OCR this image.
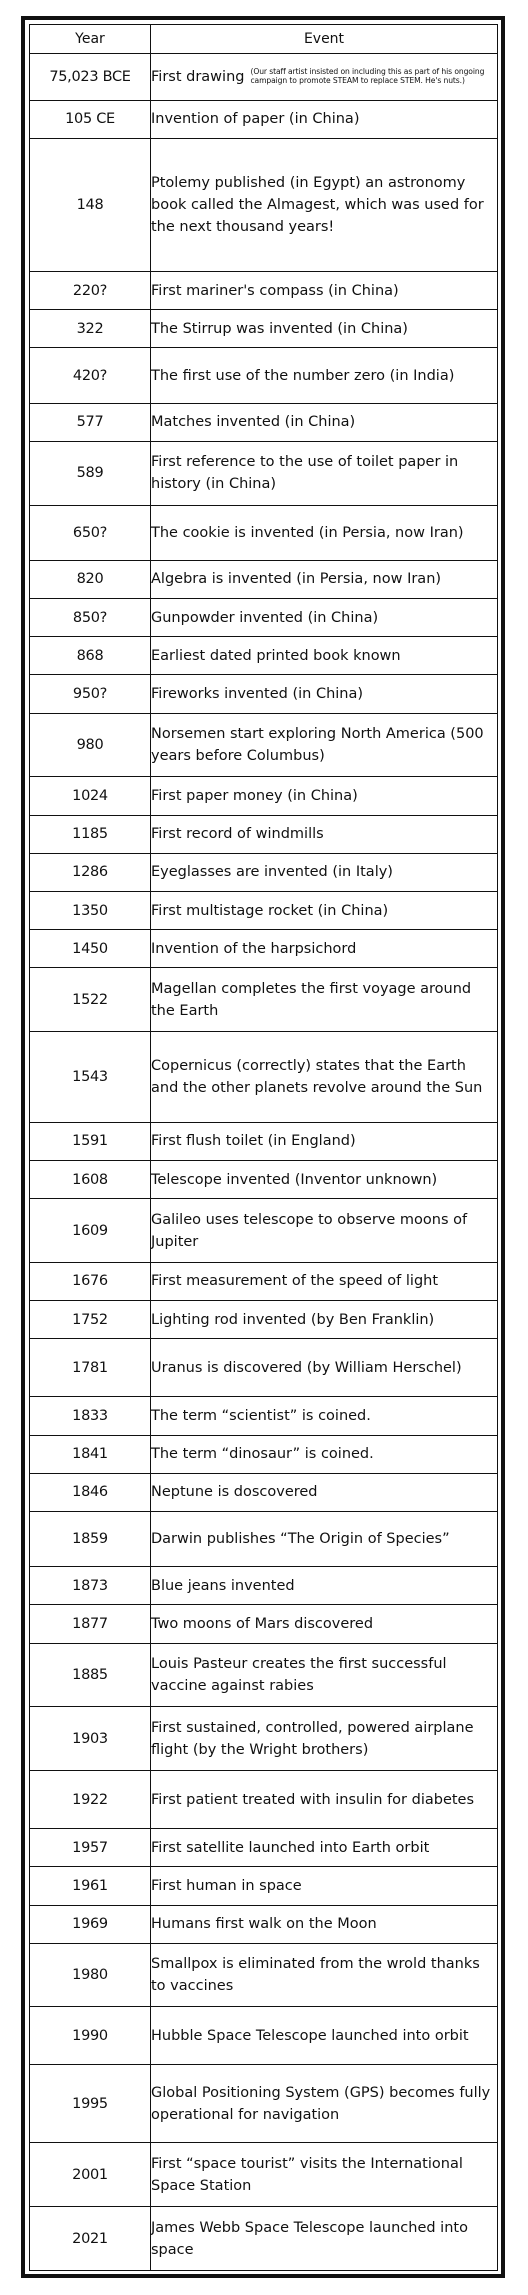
Year	Event
75,023 BCE	First drawing (Our staff artist insisted on including this as part of his ongoing campaign to promote STEAM to replace STEM. He's nuts.)

105 CE	Invention of paper (in China)
148	Ptolemy published (in Egypt) an astronomy book called the Almagest, which was used for the next thousand years!
220?	First mariner's compass (in China)
322	The Stirrup was invented (in China)
420?	The first use of the number zero (in India)
577	Matches invented (in China)
589	First reference to the use of toilet paper in history (in China)
650?	The cookie is invented (in Persia, now Iran)
820	Algebra is invented (in Persia, now Iran)
850?	Gunpowder invented (in China)
868	Earliest dated printed book known
950?	Fireworks invented (in China)
980	Norsemen start exploring North America (500 years before Columbus)
1024	First paper money (in China)
1185	First record of windmills
1286	Eyeglasses are invented (in Italy)
1350	First multistage rocket (in China)
1450	Invention of the harpsichord
1522	Magellan completes the first voyage around the Earth
1543	Copernicus (correctly) states that the Earth and the other planets revolve around the Sun
1591	First flush toilet (in England)
1608	Telescope invented (Inventor unknown)
1609	Galileo uses telescope to observe moons of Jupiter
1676	First measurement of the speed of light
1752	Lighting rod invented (by Ben Franklin)
1781	Uranus is discovered (by William Herschel)
1833	The term “scientist” is coined.
1841	The term “dinosaur” is coined.
1846	Neptune is doscovered
1859	Darwin publishes “The Origin of Species”
1873	Blue jeans invented
1877	Two moons of Mars discovered
1885	Louis Pasteur creates the first successful vaccine against rabies
1903	First sustained, controlled, powered airplane flight (by the Wright brothers)
1922	First patient treated with insulin for diabetes
1957	First satellite launched into Earth orbit
1961	First human in space
1969	Humans first walk on the Moon
1980	Smallpox is eliminated from the wrold thanks to vaccines
1990	Hubble Space Telescope launched into orbit
1995	Global Positioning System (GPS) becomes fully operational for navigation
2001	First “space tourist” visits the International Space Station
2021	James Webb Space Telescope launched into space
